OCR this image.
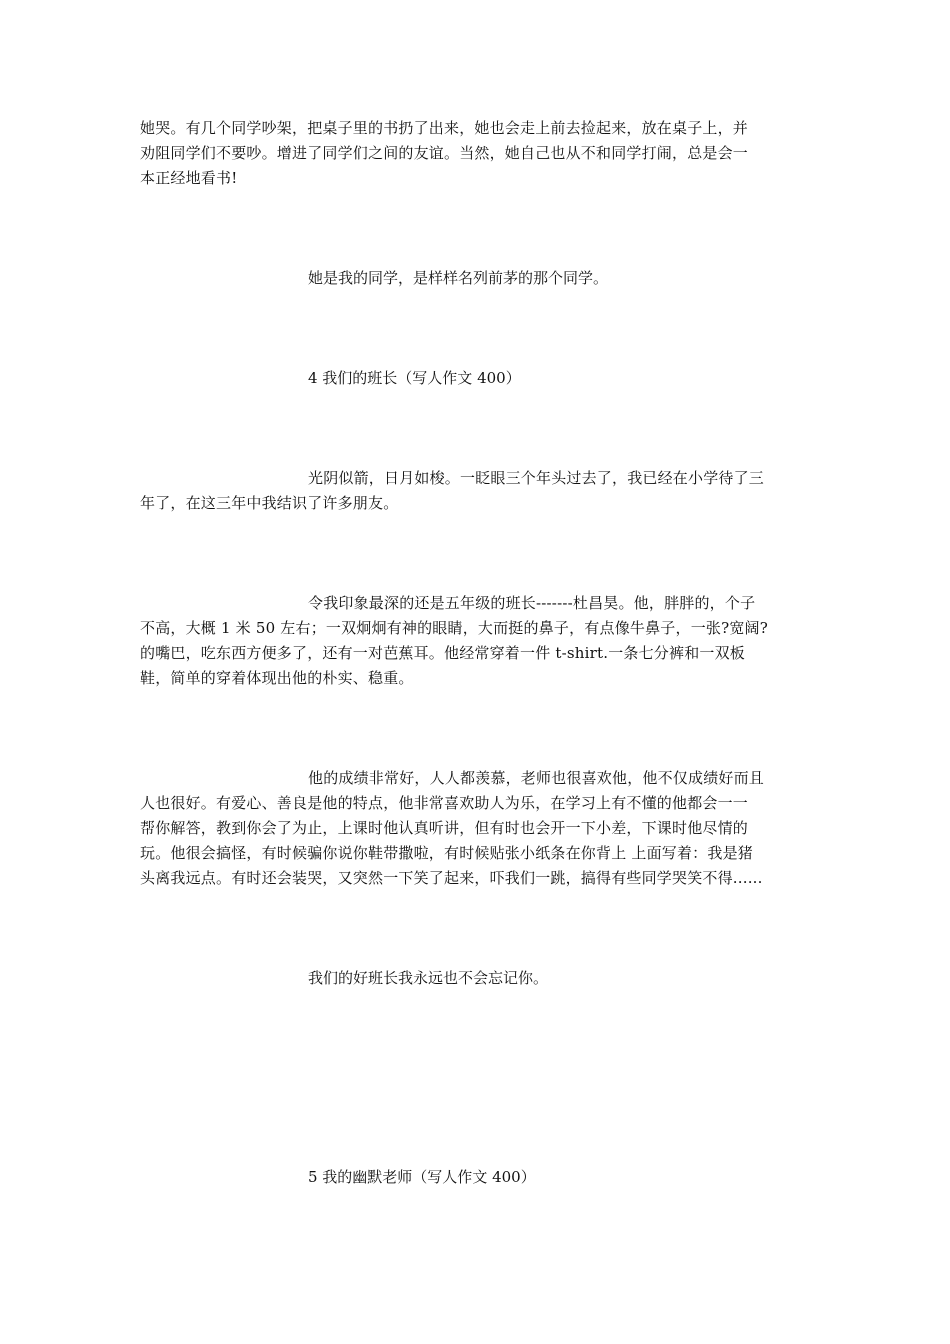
她哭。有几个同学吵架，把桌子里的书扔了出来，她也会走上前去捡起来，放在桌子上，并
劝阻同学们不要吵。增进了同学们之间的友谊。当然，她自己也从不和同学打闹，总是会一
本正经地看书!

她是我的同学，是样样名列前茅的那个同学。

4 我们的班长（写人作文 400）

光阴似箭，日月如梭。一眨眼三个年头过去了，我已经在小学待了三
年了，在这三年中我结识了许多朋友。
令我印象最深的还是五年级的班长-------杜昌昊。他，胖胖的，个子
不高，大概 1 米 50 左右；一双炯炯有神的眼睛，大而挺的鼻子，有点像牛鼻子，一张?宽阔?
的嘴巴，吃东西方便多了，还有一对芭蕉耳。他经常穿着一件 t-shirt.一条七分裤和一双板
鞋，简单的穿着体现出他的朴实、稳重。
他的成绩非常好，人人都羡慕，老师也很喜欢他，他不仅成绩好而且
人也很好。有爱心、善良是他的特点，他非常喜欢助人为乐，在学习上有不懂的他都会一一
帮你解答，教到你会了为止，上课时他认真听讲，但有时也会开一下小差，下课时他尽情的
玩。他很会搞怪，有时候骗你说你鞋带撒啦，有时候贴张小纸条在你背上 上面写着：我是猪
头离我远点。有时还会装哭，又突然一下笑了起来，吓我们一跳，搞得有些同学哭笑不得......

我们的好班长我永远也不会忘记你。

5 我的幽默老师（写人作文 400）
